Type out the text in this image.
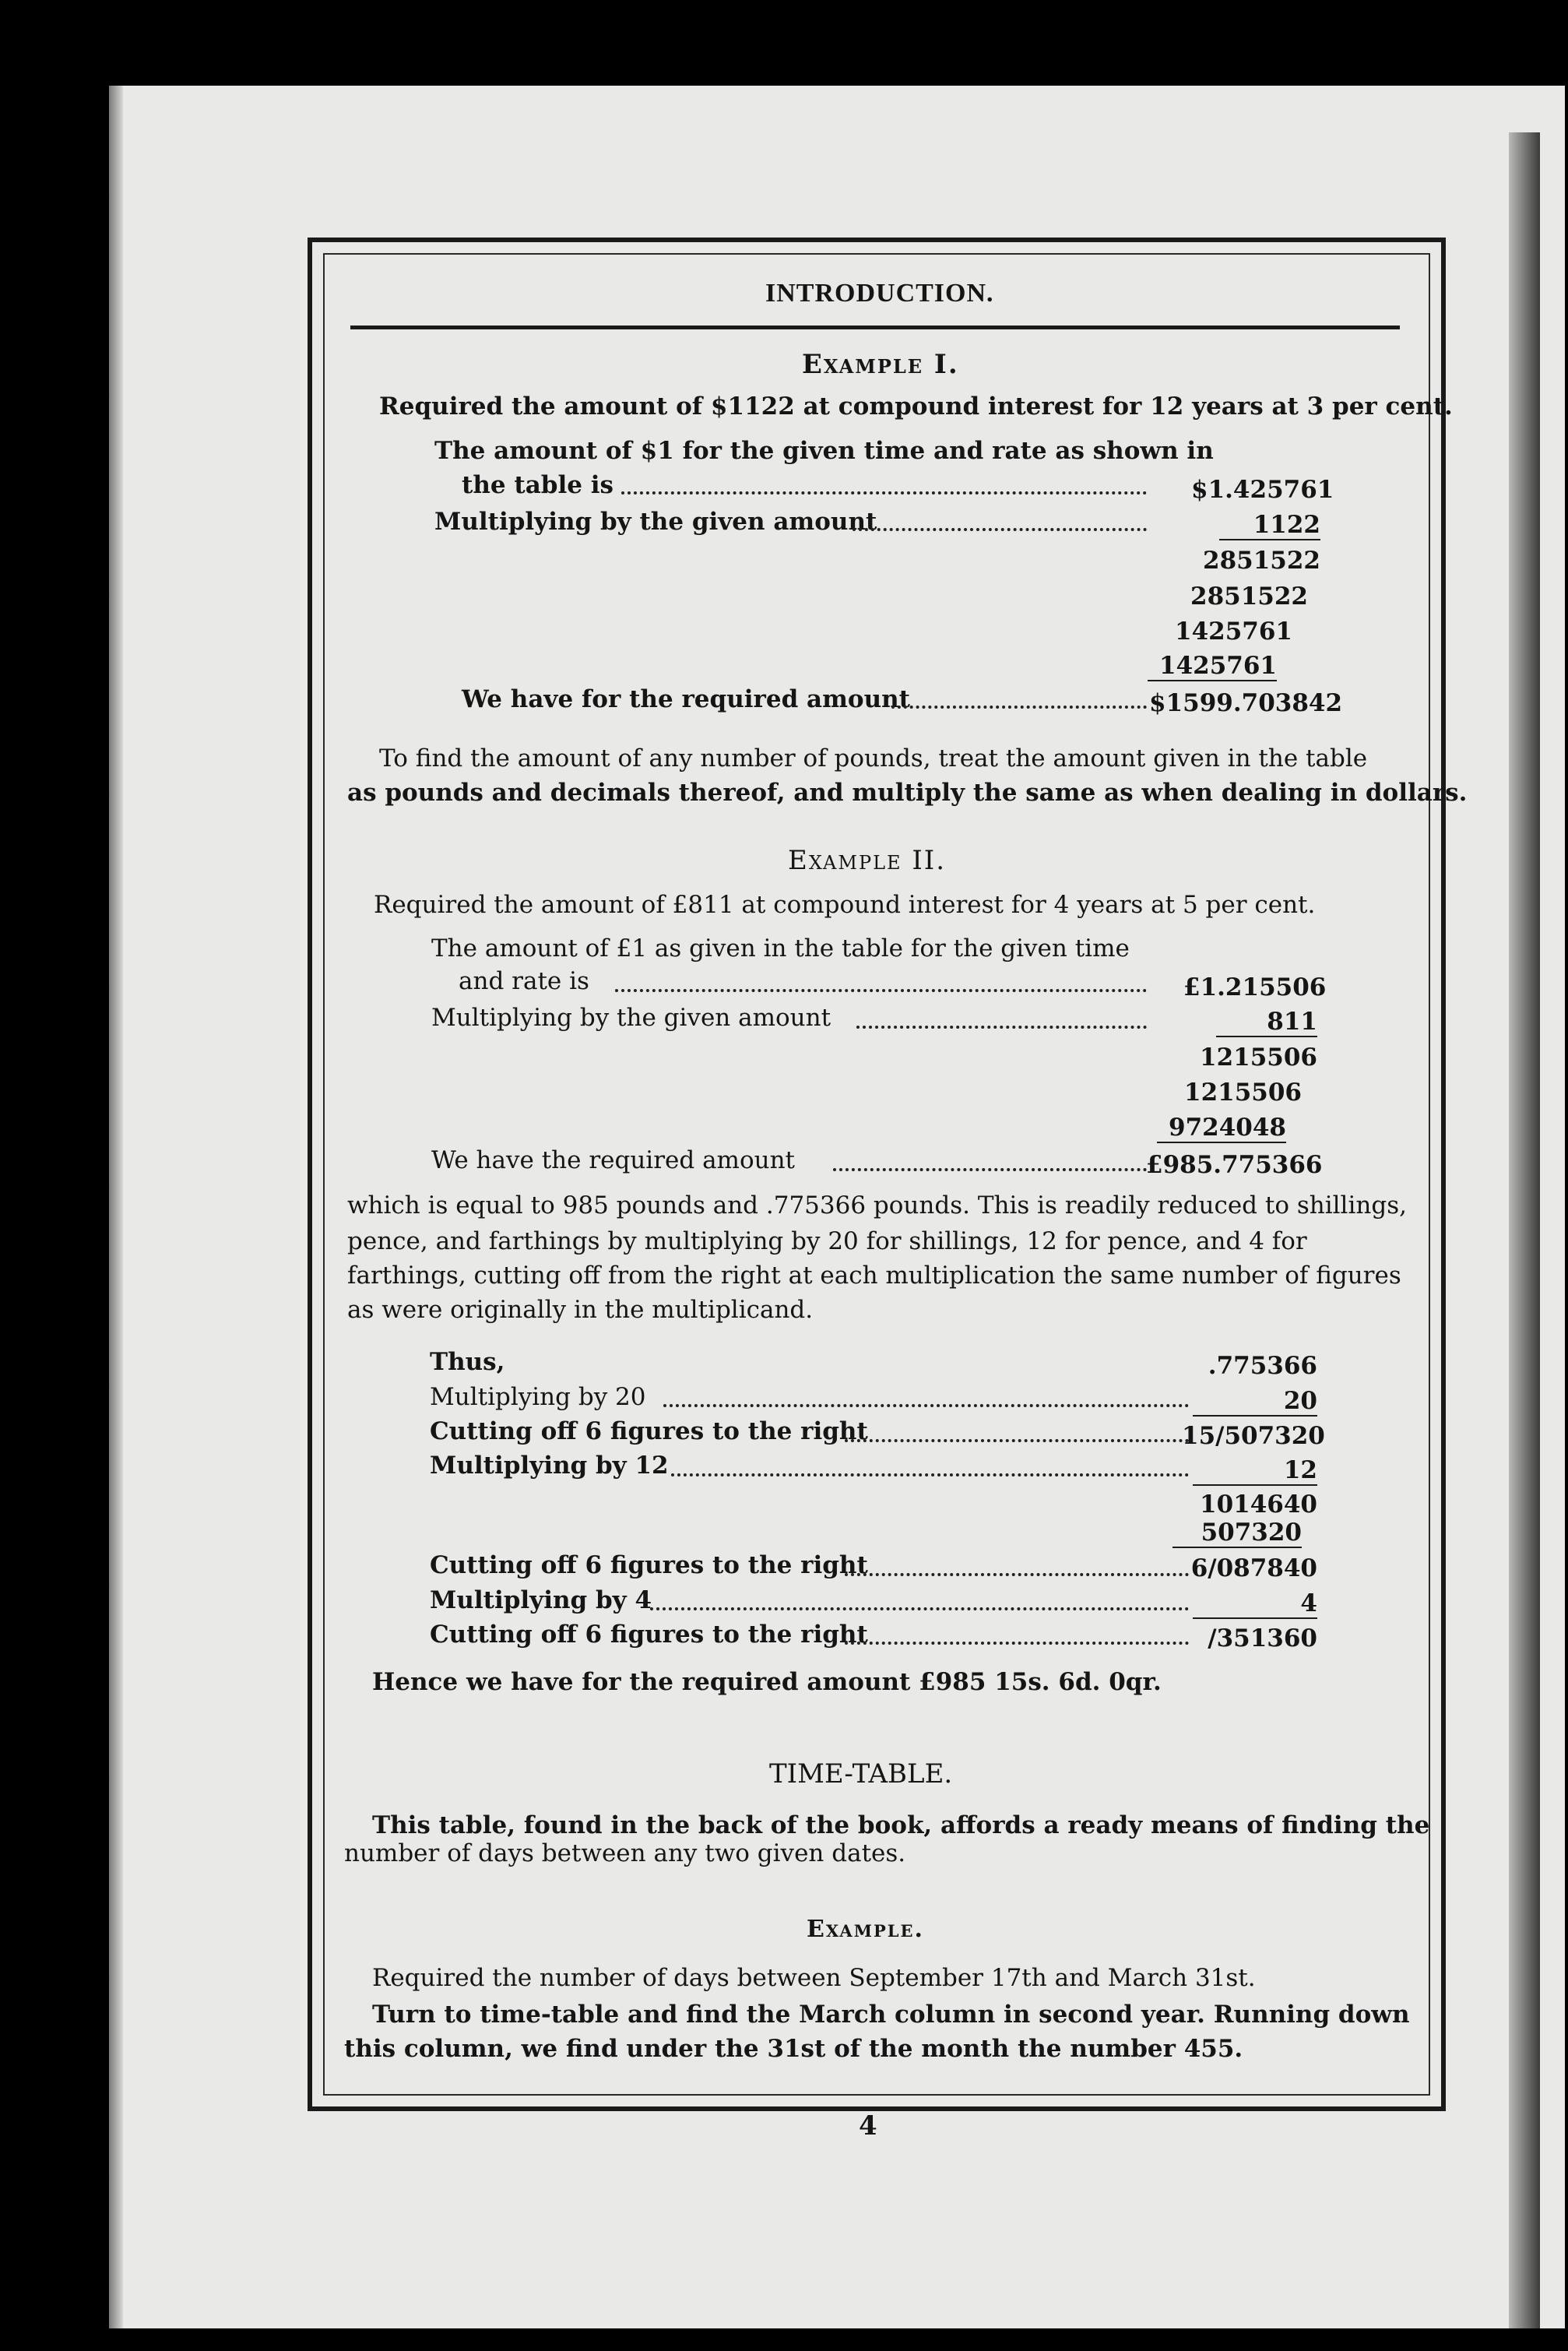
INTRODUCTION.
Example I.
Required the amount of $1122 at compound interest for 12 years at 3 per cent.
The amount of $1 for the given time and rate as shown in
the table is	$1.425761
Multiplying by the given amount	1122
2851522
2851522
1425761
1425761
We have for the required amount	$1599.703842
To find the amount of any number of pounds, treat the amount given in the table
as pounds and decimals thereof, and multiply the same as when dealing in dollars.
Example II.
Required the amount of £811 at compound interest for 4 years at 5 per cent.
The amount of £1 as given in the table for the given time
and rate is	£1.215506
Multiplying by the given amount	811
1215506
1215506
9724048
We have the required amount	£985.775366
which is equal to 985 pounds and .775366 pounds. This is readily reduced to shillings,
pence, and farthings by multiplying by 20 for shillings, 12 for pence, and 4 for
farthings, cutting off from the right at each multiplication the same number of figures
as were originally in the multiplicand.
Thus,	.775366
Multiplying by 20	20
Cutting off 6 figures to the right	15/507320
Multiplying by 12	12
1014640
507320
Cutting off 6 figures to the right	6/087840
Multiplying by 4	4
Cutting off 6 figures to the right	/351360
Hence we have for the required amount £985 15s. 6d. 0qr.
TIME-TABLE.
This table, found in the back of the book, affords a ready means of finding the
number of days between any two given dates.
Example.
Required the number of days between September 17th and March 31st.
Turn to time-table and find the March column in second year. Running down
this column, we find under the 31st of the month the number 455.
4
